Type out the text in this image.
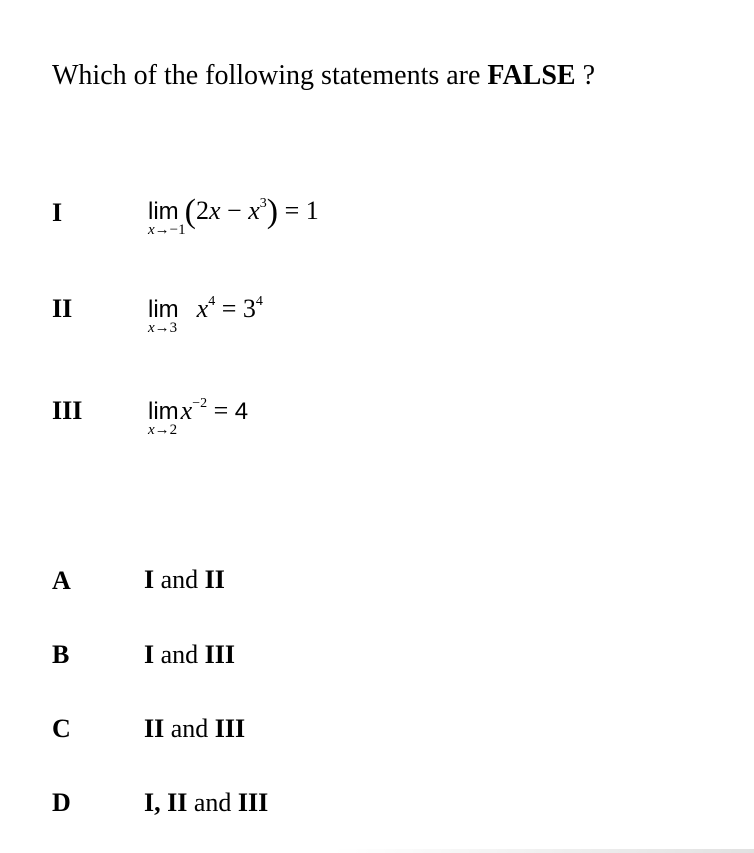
Which of the following statements are FALSE ?
I	lim
x→−1 $(2x - x^3) = 1$
II	lim
x→3
$x^4 = 3^4$
III	lim
x→2
$x^{-2} = 4$
A	I and II
B	I and III
C	II and III
D	I, II and III
